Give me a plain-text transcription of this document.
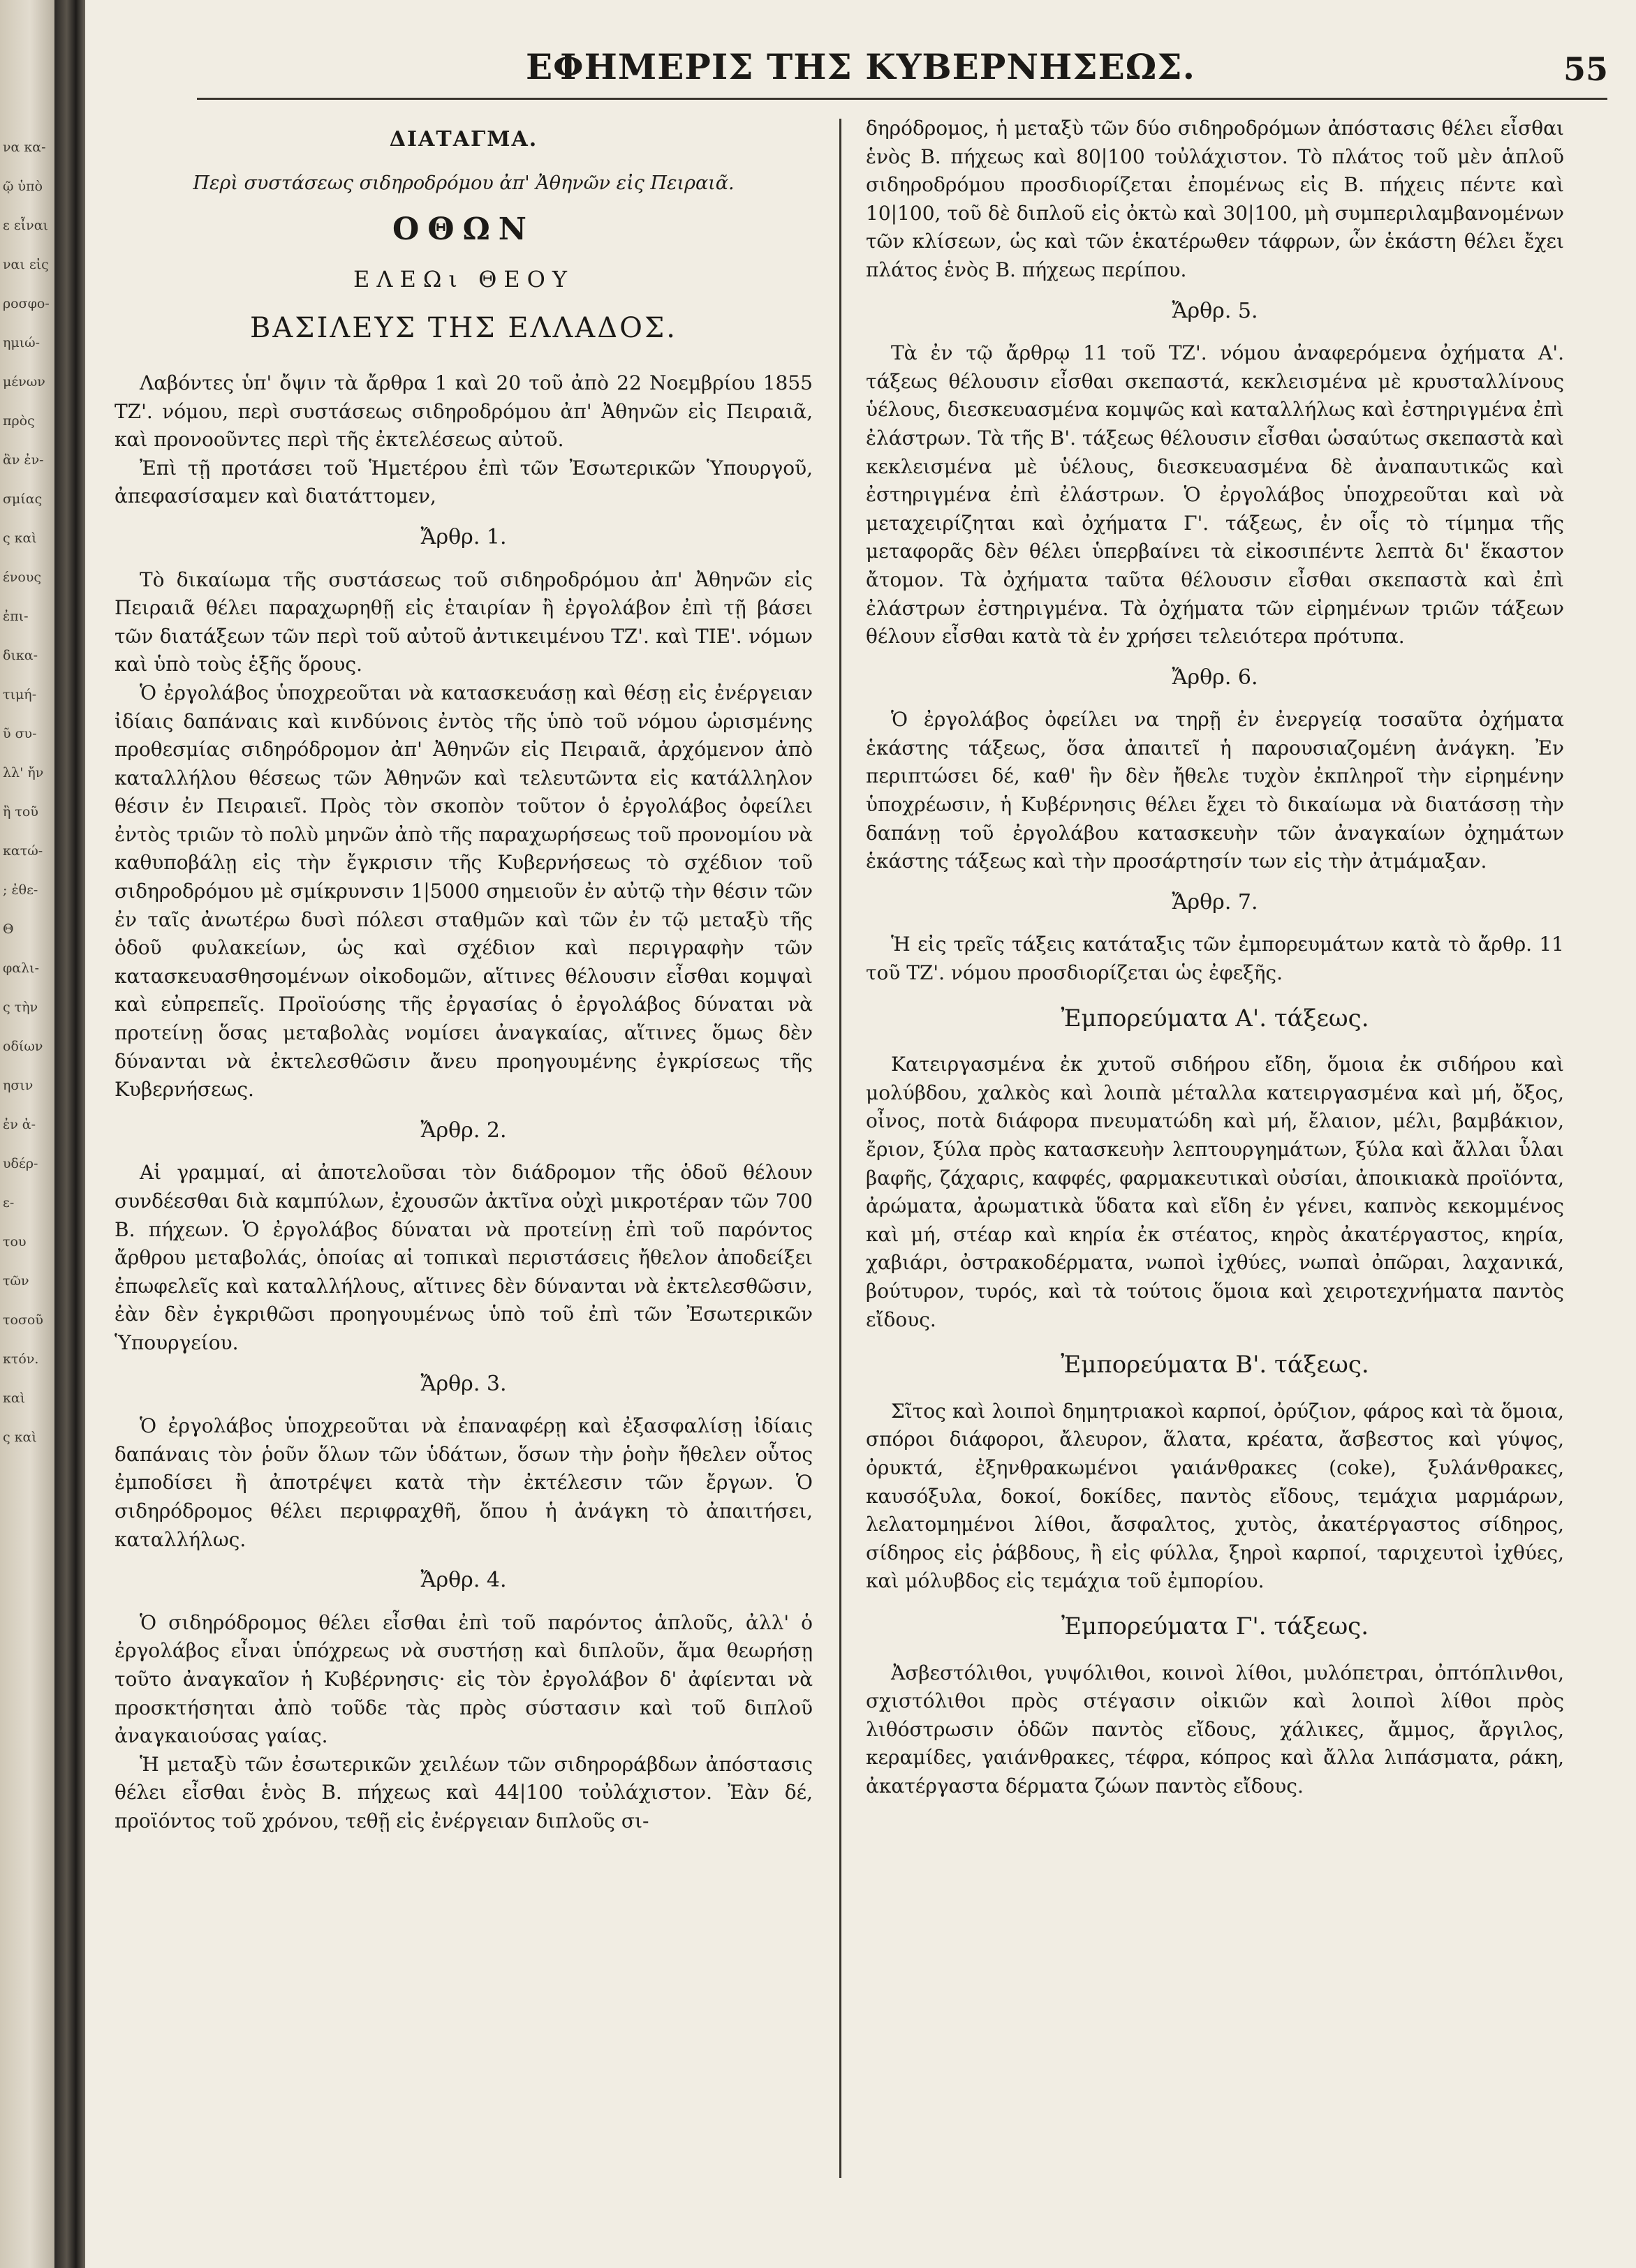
να κα-
ῷ ὑπὸ
ε εἶναι
ναι εἰς
ροσφο-
ημιώ-
μένων
πρὸς
ἂν ἐν-
σμίας
ς καὶ
ένους
ἐπι-
δικα-
τιμή-
ῦ συ-
λλ' ἤν
ἢ τοῦ
κατώ-
; ἐθε-
Θ
φαλι-
ς τὴν
οδίων
ησιν
ἐν ἀ-
υδέρ-
ε-
του
τῶν
τοσοῦ
κτόν.
καὶ
ς καὶ
ΕΦΗΜΕΡΙΣ ΤΗΣ ΚΥΒΕΡΝΗΣΕΩΣ.	55

ΔΙΑΤΑΓΜΑ.

Περὶ συστάσεως σιδηροδρόμου ἀπ' Ἀθηνῶν εἰς Πειραιᾶ.

ΟΘΩΝ

ΕΛΕΩι ΘΕΟΥ

ΒΑΣΙΛΕΥΣ ΤΗΣ ΕΛΛΑΔΟΣ.

Λαβόντες ὑπ' ὄψιν τὰ ἄρθρα 1 καὶ 20 τοῦ ἀπὸ 22 Νοεμβρίου 1855 ΤΖ'. νόμου, περὶ συστάσεως σιδηροδρόμου ἀπ' Ἀθηνῶν εἰς Πειραιᾶ, καὶ προνοοῦντες περὶ τῆς ἐκτελέσεως αὐτοῦ.

Ἐπὶ τῇ προτάσει τοῦ Ἡμετέρου ἐπὶ τῶν Ἐσωτερικῶν Ὑπουργοῦ, ἀπεφασίσαμεν καὶ διατάττομεν,

Ἄρθρ. 1.

Τὸ δικαίωμα τῆς συστάσεως τοῦ σιδηροδρόμου ἀπ' Ἀθηνῶν εἰς Πειραιᾶ θέλει παραχωρηθῇ εἰς ἑταιρίαν ἢ ἐργολάβον ἐπὶ τῇ βάσει τῶν διατάξεων τῶν περὶ τοῦ αὐτοῦ ἀντικειμένου ΤΖ'. καὶ ΤΙΕ'. νόμων καὶ ὑπὸ τοὺς ἑξῆς ὅρους.

Ὁ ἐργολάβος ὑποχρεοῦται νὰ κατασκευάσῃ καὶ θέσῃ εἰς ἐνέργειαν ἰδίαις δαπάναις καὶ κινδύνοις ἐντὸς τῆς ὑπὸ τοῦ νόμου ὡρισμένης προθεσμίας σιδηρόδρομον ἀπ' Ἀθηνῶν εἰς Πειραιᾶ, ἀρχόμενον ἀπὸ καταλλήλου θέσεως τῶν Ἀθηνῶν καὶ τελευτῶντα εἰς κατάλληλον θέσιν ἐν Πειραιεῖ. Πρὸς τὸν σκοπὸν τοῦτον ὁ ἐργολάβος ὀφείλει ἐντὸς τριῶν τὸ πολὺ μηνῶν ἀπὸ τῆς παραχωρήσεως τοῦ προνομίου νὰ καθυποβάλῃ εἰς τὴν ἔγκρισιν τῆς Κυβερνήσεως τὸ σχέδιον τοῦ σιδηροδρόμου μὲ σμίκρυνσιν 1|5000 σημειοῦν ἐν αὐτῷ τὴν θέσιν τῶν ἐν ταῖς ἀνωτέρω δυσὶ πόλεσι σταθμῶν καὶ τῶν ἐν τῷ μεταξὺ τῆς ὁδοῦ φυλακείων, ὡς καὶ σχέδιον καὶ περιγραφὴν τῶν κατασκευασθησομένων οἰκοδομῶν, αἵτινες θέλουσιν εἶσθαι κομψαὶ καὶ εὐπρεπεῖς. Προϊούσης τῆς ἐργασίας ὁ ἐργολάβος δύναται νὰ προτείνῃ ὅσας μεταβολὰς νομίσει ἀναγκαίας, αἵτινες ὅμως δὲν δύνανται νὰ ἐκτελεσθῶσιν ἄνευ προηγουμένης ἐγκρίσεως τῆς Κυβερνήσεως.

Ἄρθρ. 2.

Αἱ γραμμαί, αἱ ἀποτελοῦσαι τὸν διάδρομον τῆς ὁδοῦ θέλουν συνδέεσθαι διὰ καμπύλων, ἐχουσῶν ἀκτῖνα οὐχὶ μικροτέραν τῶν 700 Β. πήχεων. Ὁ ἐργολάβος δύναται νὰ προτείνῃ ἐπὶ τοῦ παρόντος ἄρθρου μεταβολάς, ὁποίας αἱ τοπικαὶ περιστάσεις ἤθελον ἀποδείξει ἐπωφελεῖς καὶ καταλλήλους, αἵτινες δὲν δύνανται νὰ ἐκτελεσθῶσιν, ἐὰν δὲν ἐγκριθῶσι προηγουμένως ὑπὸ τοῦ ἐπὶ τῶν Ἐσωτερικῶν Ὑπουργείου.

Ἄρθρ. 3.

Ὁ ἐργολάβος ὑποχρεοῦται νὰ ἐπαναφέρῃ καὶ ἐξασφαλίσῃ ἰδίαις δαπάναις τὸν ῥοῦν ὅλων τῶν ὑδάτων, ὅσων τὴν ῥοὴν ἤθελεν οὗτος ἐμποδίσει ἢ ἀποτρέψει κατὰ τὴν ἐκτέλεσιν τῶν ἔργων. Ὁ σιδηρόδρομος θέλει περιφραχθῆ, ὅπου ἡ ἀνάγκη τὸ ἀπαιτήσει, καταλλήλως.

Ἄρθρ. 4.

Ὁ σιδηρόδρομος θέλει εἶσθαι ἐπὶ τοῦ παρόντος ἁπλοῦς, ἀλλ' ὁ ἐργολάβος εἶναι ὑπόχρεως νὰ συστήσῃ καὶ διπλοῦν, ἅμα θεωρήσῃ τοῦτο ἀναγκαῖον ἡ Κυβέρνησις· εἰς τὸν ἐργολάβον δ' ἀφίενται νὰ προσκτήσηται ἀπὸ τοῦδε τὰς πρὸς σύστασιν καὶ τοῦ διπλοῦ ἀναγκαιούσας γαίας.

Ἡ μεταξὺ τῶν ἐσωτερικῶν χειλέων τῶν σιδηροράβδων ἀπόστασις θέλει εἶσθαι ἑνὸς Β. πήχεως καὶ 44|100 τοὐλάχιστον. Ἐὰν δέ, προϊόντος τοῦ χρόνου, τεθῇ εἰς ἐνέργειαν διπλοῦς σι-

δηρόδρομος, ἡ μεταξὺ τῶν δύο σιδηροδρόμων ἀπόστασις θέλει εἶσθαι ἑνὸς Β. πήχεως καὶ 80|100 τοὐλάχιστον. Τὸ πλάτος τοῦ μὲν ἁπλοῦ σιδηροδρόμου προσδιορίζεται ἐπομένως εἰς Β. πήχεις πέντε καὶ 10|100, τοῦ δὲ διπλοῦ εἰς ὀκτὼ καὶ 30|100, μὴ συμπεριλαμβανομένων τῶν κλίσεων, ὡς καὶ τῶν ἑκατέρωθεν τάφρων, ὧν ἑκάστη θέλει ἔχει πλάτος ἑνὸς Β. πήχεως περίπου.

Ἄρθρ. 5.

Τὰ ἐν τῷ ἄρθρῳ 11 τοῦ ΤΖ'. νόμου ἀναφερόμενα ὀχήματα Α'. τάξεως θέλουσιν εἶσθαι σκεπαστά, κεκλεισμένα μὲ κρυσταλλίνους ὑέλους, διεσκευασμένα κομψῶς καὶ καταλλήλως καὶ ἐστηριγμένα ἐπὶ ἐλάστρων. Τὰ τῆς Β'. τάξεως θέλουσιν εἶσθαι ὡσαύτως σκεπαστὰ καὶ κεκλεισμένα μὲ ὑέλους, διεσκευασμένα δὲ ἀναπαυτικῶς καὶ ἐστηριγμένα ἐπὶ ἐλάστρων. Ὁ ἐργολάβος ὑποχρεοῦται καὶ νὰ μεταχειρίζηται καὶ ὀχήματα Γ'. τάξεως, ἐν οἷς τὸ τίμημα τῆς μεταφορᾶς δὲν θέλει ὑπερβαίνει τὰ εἰκοσιπέντε λεπτὰ δι' ἕκαστον ἄτομον. Τὰ ὀχήματα ταῦτα θέλουσιν εἶσθαι σκεπαστὰ καὶ ἐπὶ ἐλάστρων ἐστηριγμένα. Τὰ ὀχήματα τῶν εἰρημένων τριῶν τάξεων θέλουν εἶσθαι κατὰ τὰ ἐν χρήσει τελειότερα πρότυπα.

Ἄρθρ. 6.

Ὁ ἐργολάβος ὀφείλει να τηρῇ ἐν ἐνεργείᾳ τοσαῦτα ὀχήματα ἑκάστης τάξεως, ὅσα ἀπαιτεῖ ἡ παρουσιαζομένη ἀνάγκη. Ἐν περιπτώσει δέ, καθ' ἣν δὲν ἤθελε τυχὸν ἐκπληροῖ τὴν εἰρημένην ὑποχρέωσιν, ἡ Κυβέρνησις θέλει ἔχει τὸ δικαίωμα νὰ διατάσσῃ τὴν δαπάνῃ τοῦ ἐργολάβου κατασκευὴν τῶν ἀναγκαίων ὀχημάτων ἑκάστης τάξεως καὶ τὴν προσάρτησίν των εἰς τὴν ἀτμάμαξαν.

Ἄρθρ. 7.

Ἡ εἰς τρεῖς τάξεις κατάταξις τῶν ἐμπορευμάτων κατὰ τὸ ἄρθρ. 11 τοῦ ΤΖ'. νόμου προσδιορίζεται ὡς ἐφεξῆς.

Ἐμπορεύματα Α'. τάξεως.

Κατειργασμένα ἐκ χυτοῦ σιδήρου εἴδη, ὅμοια ἐκ σιδήρου καὶ μολύβδου, χαλκὸς καὶ λοιπὰ μέταλλα κατειργασμένα καὶ μή, ὄξος, οἶνος, ποτὰ διάφορα πνευματώδη καὶ μή, ἔλαιον, μέλι, βαμβάκιον, ἔριον, ξύλα πρὸς κατασκευὴν λεπτουργημάτων, ξύλα καὶ ἄλλαι ὗλαι βαφῆς, ζάχαρις, καφφές, φαρμακευτικαὶ οὐσίαι, ἀποικιακὰ προϊόντα, ἀρώματα, ἀρωματικὰ ὕδατα καὶ εἴδη ἐν γένει, καπνὸς κεκομμένος καὶ μή, στέαρ καὶ κηρία ἐκ στέατος, κηρὸς ἀκατέργαστος, κηρία, χαβιάρι, ὀστρακοδέρματα, νωποὶ ἰχθύες, νωπαὶ ὀπῶραι, λαχανικά, βούτυρον, τυρός, καὶ τὰ τούτοις ὅμοια καὶ χειροτεχνήματα παντὸς εἴδους.

Ἐμπορεύματα Β'. τάξεως.

Σῖτος καὶ λοιποὶ δημητριακοὶ καρποί, ὀρύζιον, φάρος καὶ τὰ ὅμοια, σπόροι διάφοροι, ἄλευρον, ἅλατα, κρέατα, ἄσβεστος καὶ γύψος, ὀρυκτά, ἐξηνθρακωμένοι γαιάνθρακες (coke), ξυλάνθρακες, καυσόξυλα, δοκοί, δοκίδες, παντὸς εἴδους, τεμάχια μαρμάρων, λελατομημένοι λίθοι, ἄσφαλτος, χυτὸς, ἀκατέργαστος σίδηρος, σίδηρος εἰς ῥάβδους, ἢ εἰς φύλλα, ξηροὶ καρποί, ταριχευτοὶ ἰχθύες, καὶ μόλυβδος εἰς τεμάχια τοῦ ἐμπορίου.

Ἐμπορεύματα Γ'. τάξεως.

Ἀσβεστόλιθοι, γυψόλιθοι, κοινοὶ λίθοι, μυλόπετραι, ὀπτόπλινθοι, σχιστόλιθοι πρὸς στέγασιν οἰκιῶν καὶ λοιποὶ λίθοι πρὸς λιθόστρωσιν ὁδῶν παντὸς εἴδους, χάλικες, ἄμμος, ἄργιλος, κεραμίδες, γαιάνθρακες, τέφρα, κόπρος καὶ ἄλλα λιπάσματα, ράκη, ἀκατέργαστα δέρματα ζώων παντὸς εἴδους.
